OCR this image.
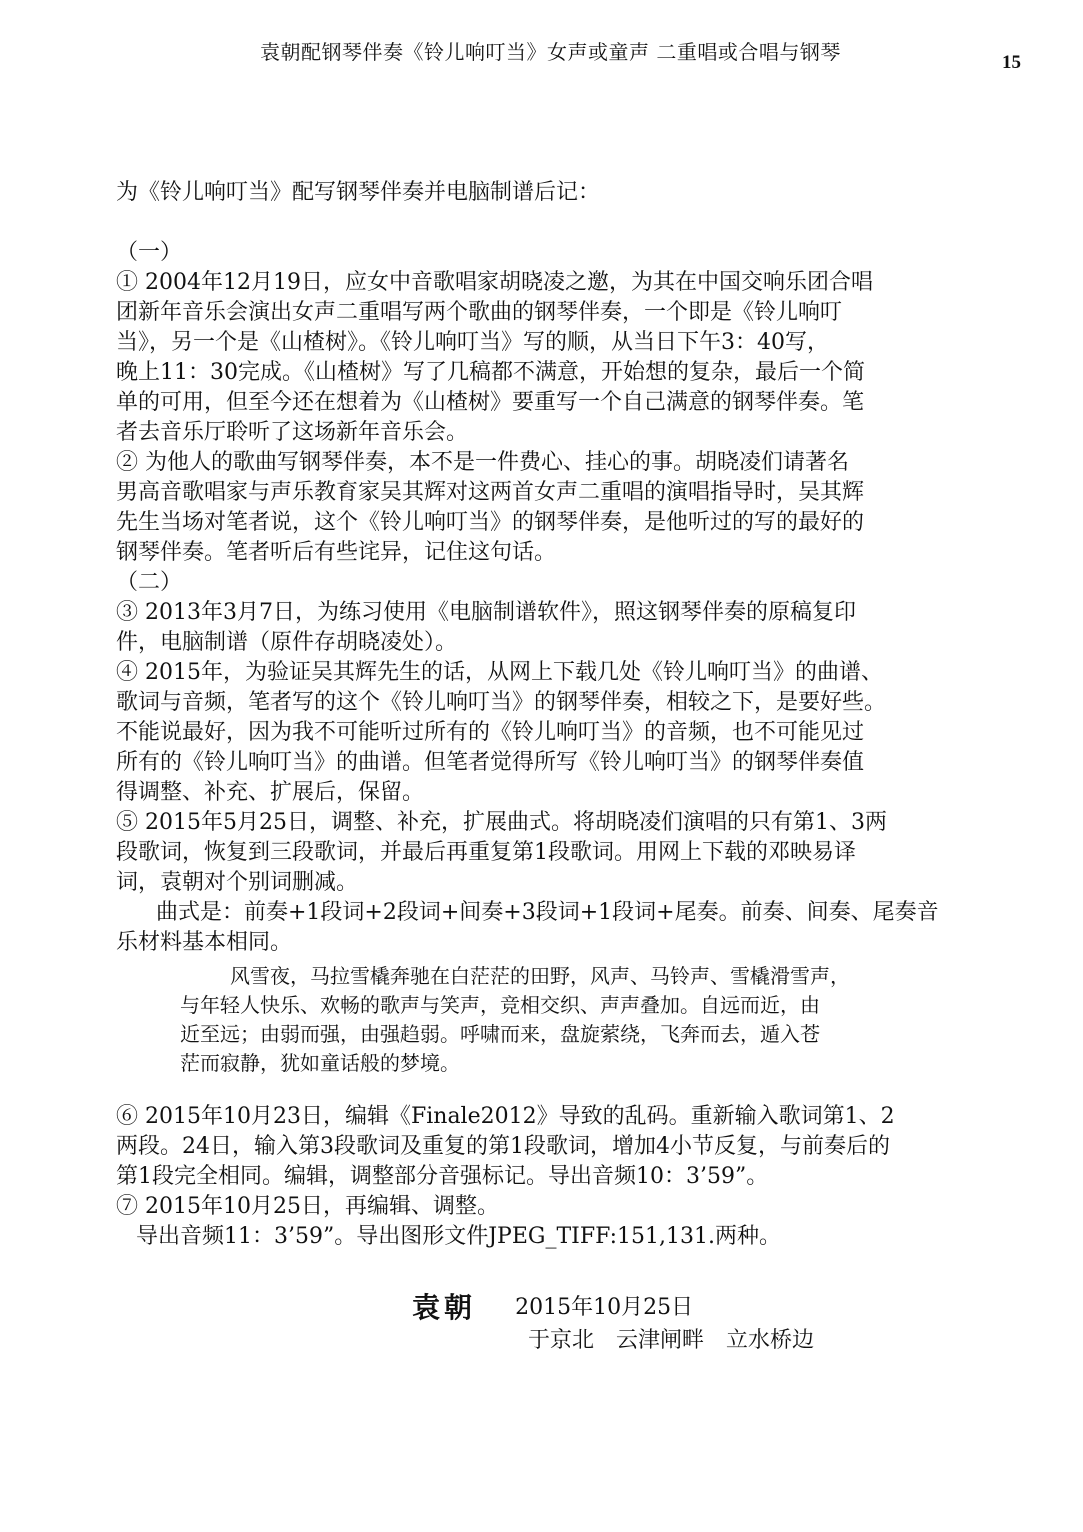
袁朝配钢琴伴奏《铃儿响叮当》女声或童声 二重唱或合唱与钢琴	15
为《铃儿响叮当》配写钢琴伴奏并电脑制谱后记：
（一）
① 2004年12月19日，应女中音歌唱家胡晓凌之邀，为其在中国交响乐团合唱
团新年音乐会演出女声二重唱写两个歌曲的钢琴伴奏，一个即是《铃儿响叮
当》，另一个是《山楂树》。《铃儿响叮当》写的顺，从当日下午3：40写，
晚上11：30完成。《山楂树》写了几稿都不满意，开始想的复杂，最后一个简
单的可用，但至今还在想着为《山楂树》要重写一个自己满意的钢琴伴奏。笔
者去音乐厅聆听了这场新年音乐会。
② 为他人的歌曲写钢琴伴奏，本不是一件费心、挂心的事。胡晓凌们请著名
男高音歌唱家与声乐教育家吴其辉对这两首女声二重唱的演唱指导时，吴其辉
先生当场对笔者说，这个《铃儿响叮当》的钢琴伴奏，是他听过的写的最好的
钢琴伴奏。笔者听后有些诧异，记住这句话。
（二）
③ 2013年3月7日，为练习使用《电脑制谱软件》，照这钢琴伴奏的原稿复印
件，电脑制谱（原件存胡晓凌处）。
④ 2015年，为验证吴其辉先生的话，从网上下载几处《铃儿响叮当》的曲谱、
歌词与音频，笔者写的这个《铃儿响叮当》的钢琴伴奏，相较之下，是要好些。
不能说最好，因为我不可能听过所有的《铃儿响叮当》的音频，也不可能见过
所有的《铃儿响叮当》的曲谱。但笔者觉得所写《铃儿响叮当》的钢琴伴奏值
得调整、补充、扩展后，保留。
⑤ 2015年5月25日，调整、补充，扩展曲式。将胡晓凌们演唱的只有第1、3两
段歌词，恢复到三段歌词，并最后再重复第1段歌词。用网上下载的邓映易译
词，袁朝对个别词删减。
曲式是：前奏+1段词+2段词+间奏+3段词+1段词+尾奏。前奏、间奏、尾奏音
乐材料基本相同。
风雪夜，马拉雪橇奔驰在白茫茫的田野，风声、马铃声、雪橇滑雪声，
与年轻人快乐、欢畅的歌声与笑声，竞相交织、声声叠加。自远而近，由
近至远；由弱而强，由强趋弱。呼啸而来，盘旋萦绕，飞奔而去，遁入苍
茫而寂静，犹如童话般的梦境。
⑥ 2015年10月23日，编辑《Finale2012》导致的乱码。重新输入歌词第1、2
两段。24日，输入第3段歌词及重复的第1段歌词，增加4小节反复，与前奏后的
第1段完全相同。编辑，调整部分音强标记。导出音频10：3’59”。
⑦ 2015年10月25日，再编辑、调整。
导出音频11：3’59”。导出图形文件JPEG_TIFF:151,131.两种。
袁朝 2015年10月25日
于京北　云津闸畔　立水桥边
